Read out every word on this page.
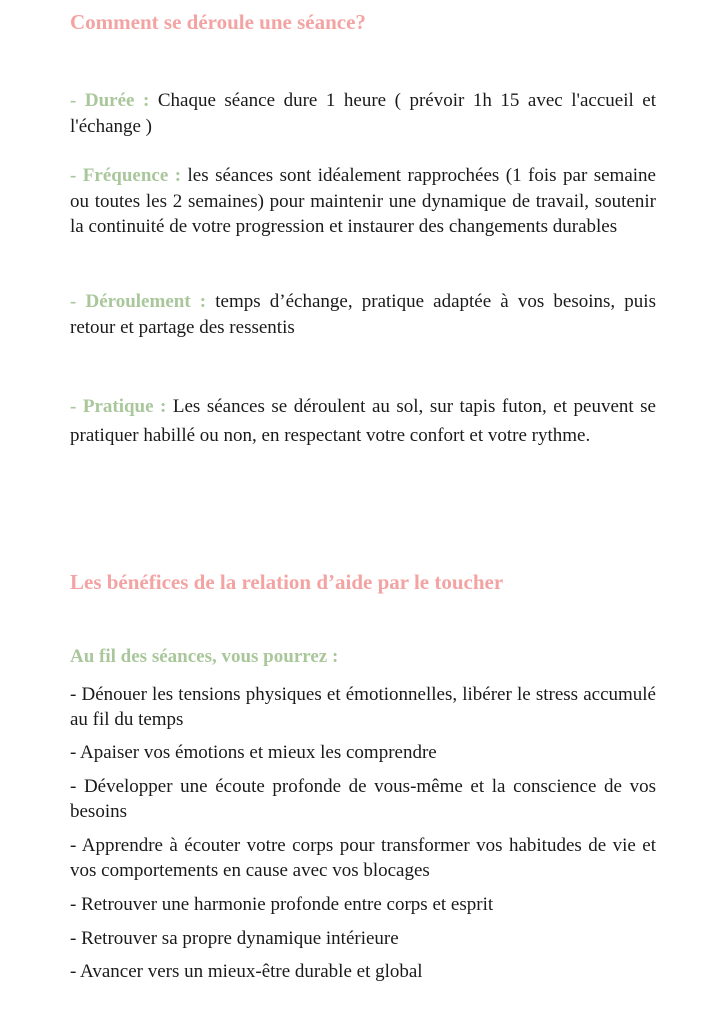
Comment se déroule une séance?

- Durée : Chaque séance dure 1 heure ( prévoir 1h 15 avec l'accueil et l'échange )

- Fréquence : les séances sont idéalement rapprochées (1 fois par semaine ou toutes les 2 semaines) pour maintenir une dynamique de travail, soutenir la continuité de votre progression et instaurer des changements durables

- Déroulement : temps d’échange, pratique adaptée à vos besoins, puis retour et partage des ressentis

- Pratique : Les séances se déroulent au sol, sur tapis futon, et peuvent se pratiquer habillé ou non, en respectant votre confort et votre rythme.

Les bénéfices de la relation d’aide par le toucher
Au fil des séances, vous pourrez :

- Dénouer les tensions physiques et émotionnelles, libérer le stress accumulé au fil du temps

- Apaiser vos émotions et mieux les comprendre

- Développer une écoute profonde de vous-même et la conscience de vos besoins

- Apprendre à écouter votre corps pour transformer vos habitudes de vie et vos comportements en cause avec vos blocages

- Retrouver une harmonie profonde entre corps et esprit

- Retrouver sa propre dynamique intérieure

- Avancer vers un mieux-être durable et global
